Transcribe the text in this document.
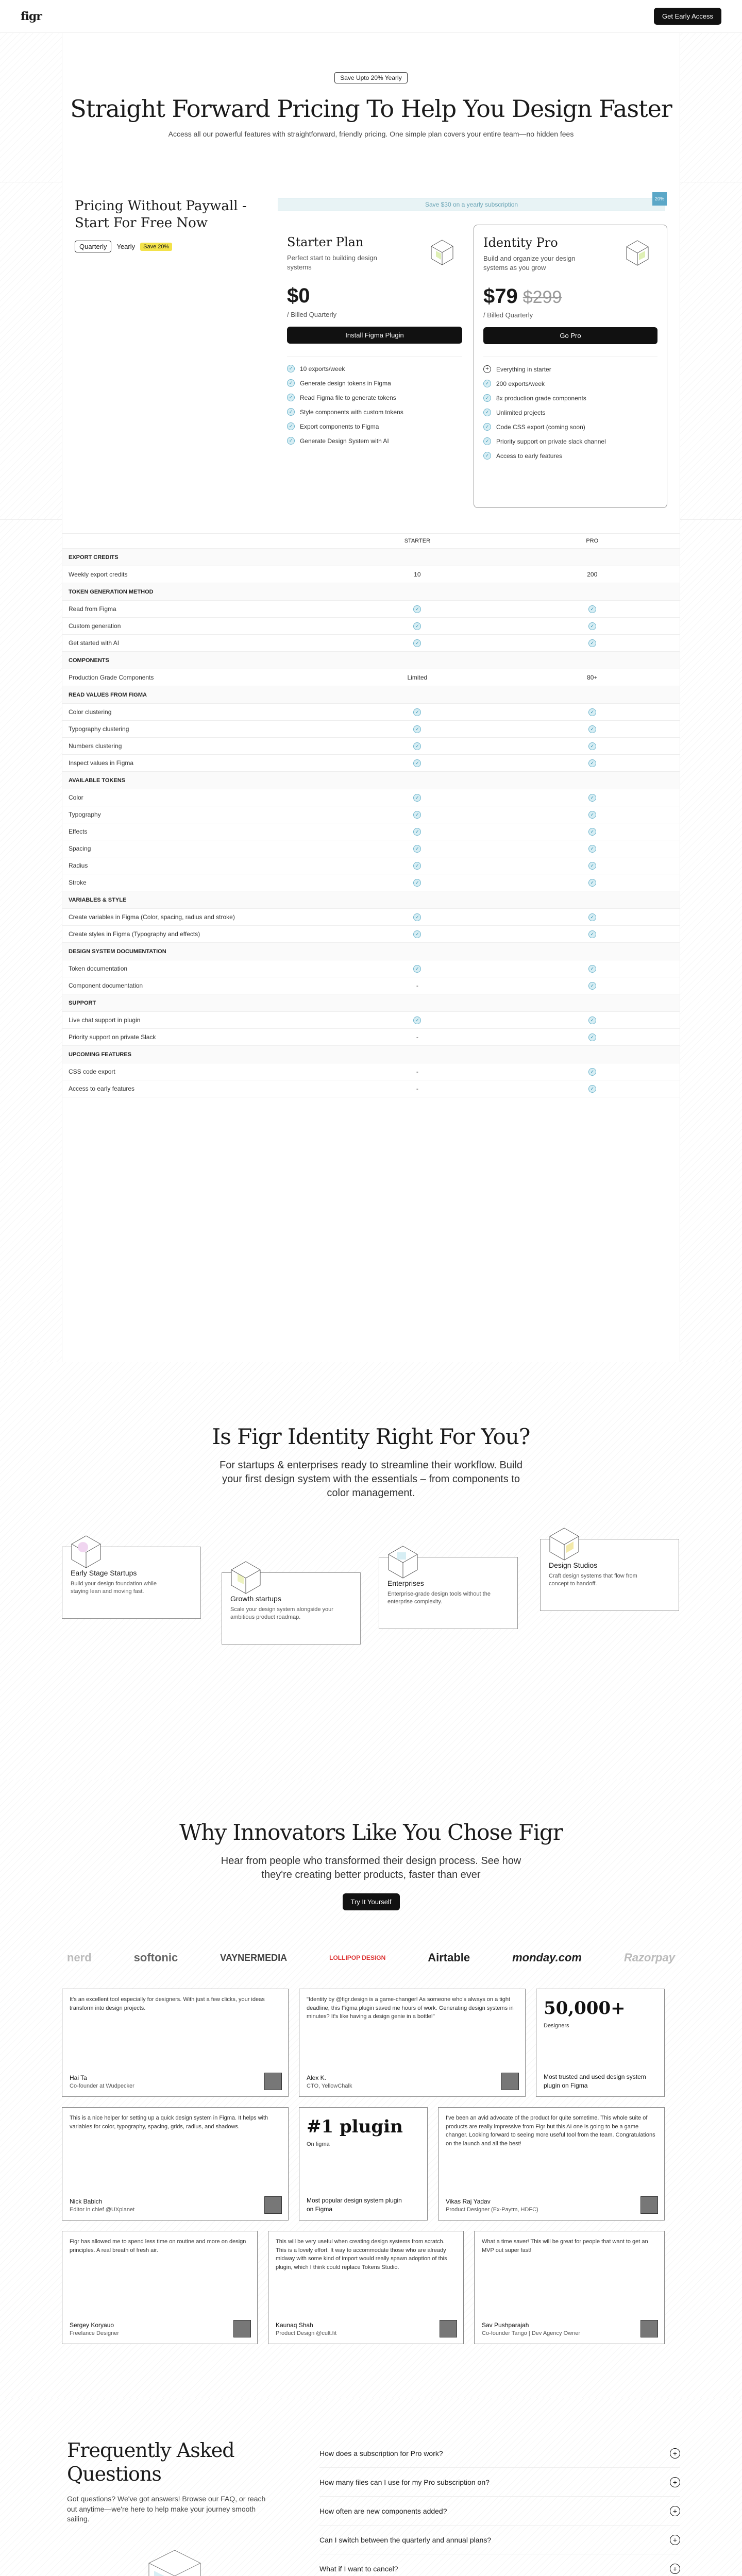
figr	Get Early Access
Save Upto 20% Yearly
Straight Forward Pricing To Help You Design Faster

Access all our powerful features with straightforward, friendly pricing. One simple plan covers your entire team—no hidden fees

Pricing Without Paywall - Start For Free Now
Quarterly	Yearly	Save 20%
Save $30 on a yearly subscription
20%
Starter Plan
Perfect start to building design systems
$0
/ Billed Quarterly
Install Figma Plugin
✓	10 exports/week
✓	Generate design tokens in Figma
✓	Read Figma file to generate tokens
✓	Style components with custom tokens
✓	Export components to Figma
✓	Generate Design System with AI
Identity Pro
Build and organize your design systems as you grow
$79 $299
/ Billed Quarterly
Go Pro
+	Everything in starter
✓	200 exports/week
✓	8x production grade components
✓	Unlimited projects
✓	Code CSS export (coming soon)
✓	Priority support on private slack channel
✓	Access to early features
STARTER	PRO
EXPORT CREDITS
Weekly export credits	10	200
TOKEN GENERATION METHOD
Read from Figma	✓	✓
Custom generation	✓	✓
Get started with AI	✓	✓
COMPONENTS
Production Grade Components	Limited	80+
READ VALUES FROM FIGMA
Color clustering	✓	✓
Typography clustering	✓	✓
Numbers clustering	✓	✓
Inspect values in Figma	✓	✓
AVAILABLE TOKENS
Color	✓	✓
Typography	✓	✓
Effects	✓	✓
Spacing	✓	✓
Radius	✓	✓
Stroke	✓	✓
VARIABLES & STYLE
Create variables in Figma (Color, spacing, radius and stroke)	✓	✓
Create styles in Figma (Typography and effects)	✓	✓
DESIGN SYSTEM DOCUMENTATION
Token documentation	✓	✓
Component documentation	-	✓
SUPPORT
Live chat support in plugin	✓	✓
Priority support on private Slack	-	✓
UPCOMING FEATURES
CSS code export	-	✓
Access to early features	-	✓
Is Figr Identity Right For You?

For startups & enterprises ready to streamline their workflow. Build your first design system with the essentials – from components to color management.

Early Stage Startups
Build your design foundation while staying lean and moving fast.
Growth startups
Scale your design system alongside your ambitious product roadmap.
Enterprises
Enterprise-grade design tools without the enterprise complexity.
Design Studios
Craft design systems that flow from concept to handoff.
Why Innovators Like You Chose Figr

Hear from people who transformed their design process. See how they're creating better products, faster than ever

Try It Yourself
nerd	softonic	VAYNERMEDIA	LOLLIPOP DESIGN	Airtable	monday.com	Razorpay
It's an excellent tool especially for designers. With just a few clicks, your ideas transform into design projects.
Hai Ta
Co-founder at Wudpecker
"Identity by @figr.design is a game-changer! As someone who's always on a tight deadline, this Figma plugin saved me hours of work. Generating design systems in minutes? It's like having a design genie in a bottle!"
Alex K.
CTO, YellowChalk
50,000+
Designers
Most trusted and used design system plugin on Figma
This is a nice helper for setting up a quick design system in Figma. It helps with variables for color, typography, spacing, grids, radius, and shadows.
Nick Babich
Editor in chief @UXplanet
#1 plugin
On figma
Most popular design system plugin on Figma
I've been an avid advocate of the product for quite sometime. This whole suite of products are really impressive from Figr but this AI one is going to be a game changer. Looking forward to seeing more useful tool from the team. Congratulations on the launch and all the best!
Vikas Raj Yadav
Product Designer (Ex-Paytm, HDFC)
Figr has allowed me to spend less time on routine and more on design principles. A real breath of fresh air.
Sergey Koryauo
Freelance Designer
This will be very useful when creating design systems from scratch. This is a lovely effort. It way to accommodate those who are already midway with some kind of import would really spawn adoption of this plugin, which I think could replace Tokens Studio.
Kaunaq Shah
Product Design @cult.fit
What a time saver! This will be great for people that want to get an MVP out super fast!
Sav Pushparajah
Co-founder Tango | Dev Agency Owner
Frequently Asked Questions

Got questions? We've got answers! Browse our FAQ, or reach out anytime—we're here to help make your journey smooth sailing.

How does a subscription for Pro work?	+
How many files can I use for my Pro subscription on?	+
How often are new components added?	+
Can I switch between the quarterly and annual plans?	+
What if I want to cancel?	+
